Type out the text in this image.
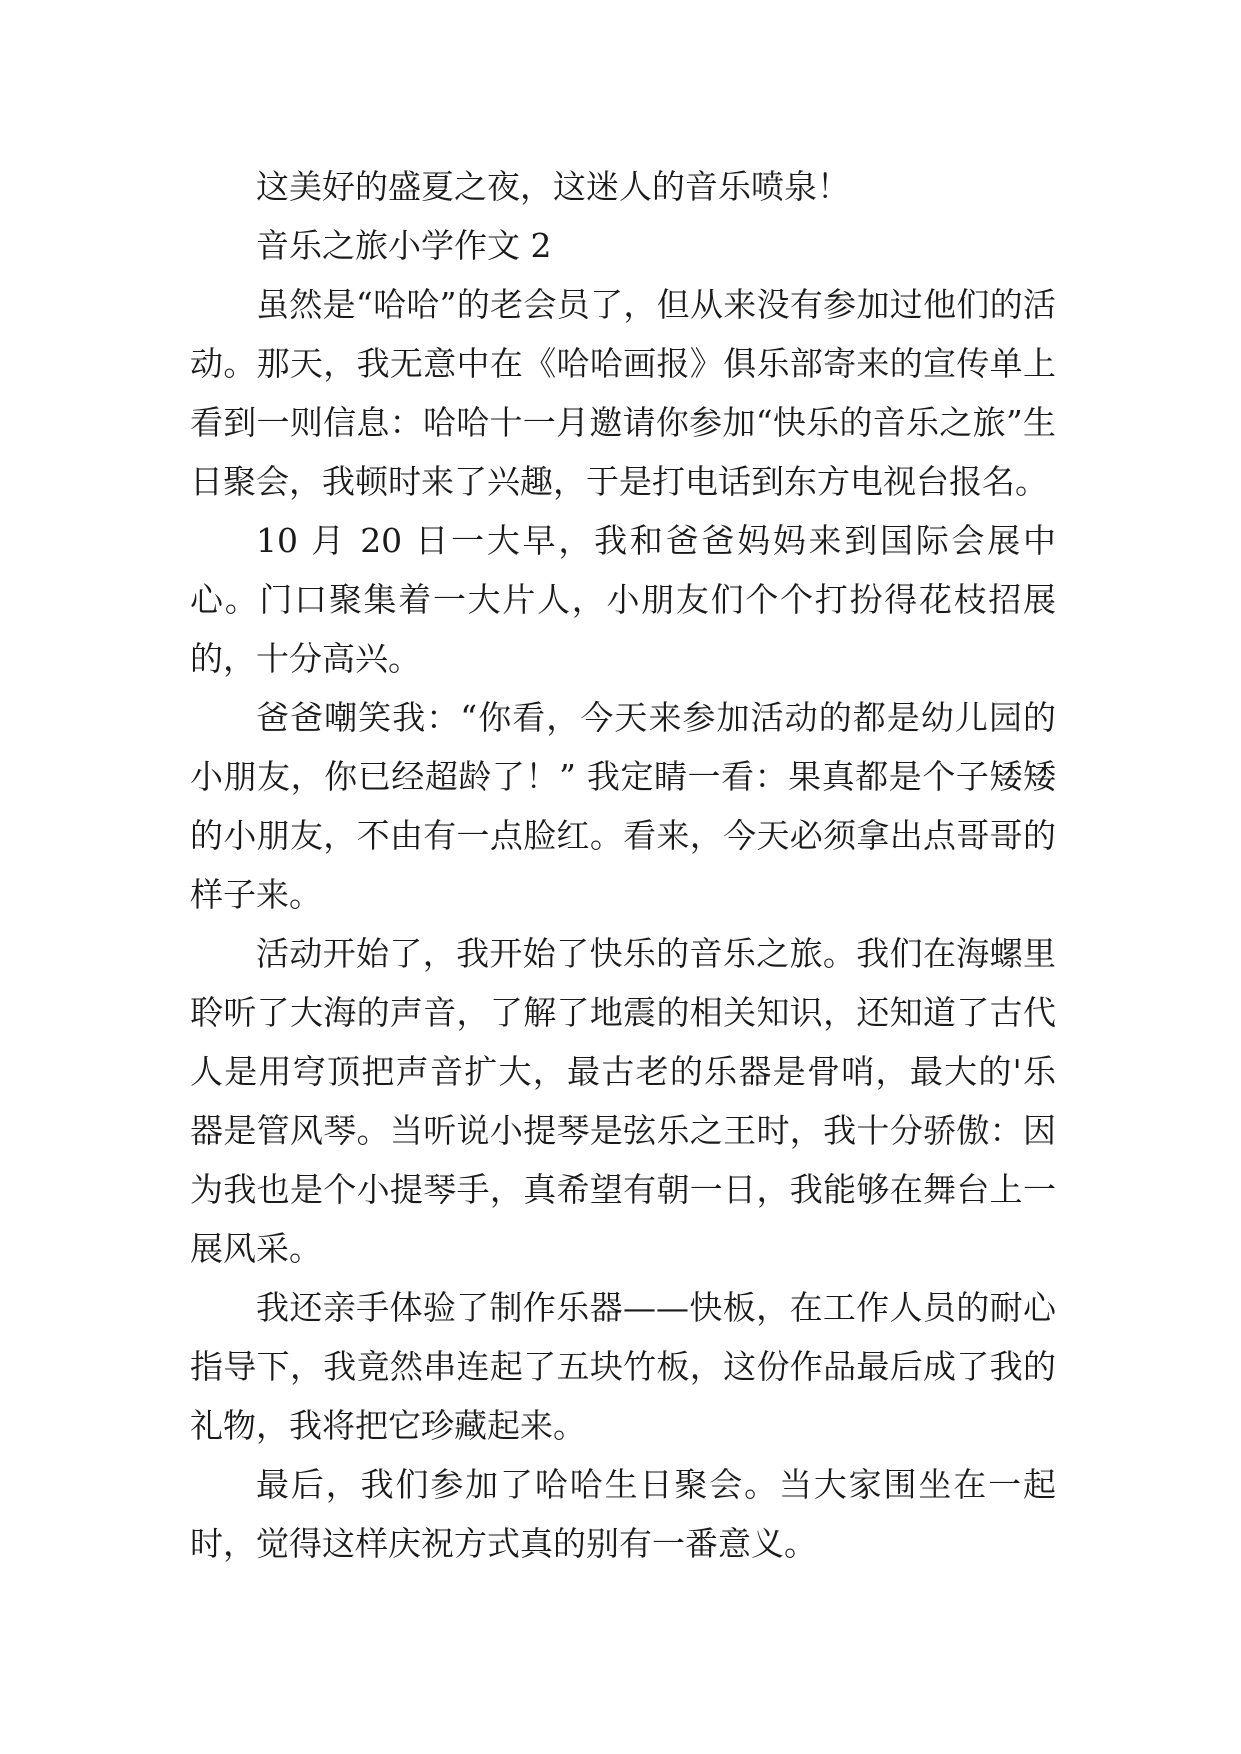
这美好的盛夏之夜，这迷人的音乐喷泉！

音乐之旅小学作文 2

虽然是“哈哈”的老会员了，但从来没有参加过他们的活动。那天，我无意中在《哈哈画报》俱乐部寄来的宣传单上看到一则信息：哈哈十一月邀请你参加“快乐的音乐之旅”生日聚会，我顿时来了兴趣，于是打电话到东方电视台报名。

10 月 20 日一大早，我和爸爸妈妈来到国际会展中心。门口聚集着一大片人，小朋友们个个打扮得花枝招展的，十分高兴。

爸爸嘲笑我：“你看，今天来参加活动的都是幼儿园的小朋友，你已经超龄了！” 我定睛一看：果真都是个子矮矮的小朋友，不由有一点脸红。看来，今天必须拿出点哥哥的样子来。

活动开始了，我开始了快乐的音乐之旅。我们在海螺里聆听了大海的声音，了解了地震的相关知识，还知道了古代人是用穹顶把声音扩大，最古老的乐器是骨哨，最大的'乐器是管风琴。当听说小提琴是弦乐之王时，我十分骄傲：因为我也是个小提琴手，真希望有朝一日，我能够在舞台上一展风采。

我还亲手体验了制作乐器——快板，在工作人员的耐心指导下，我竟然串连起了五块竹板，这份作品最后成了我的礼物，我将把它珍藏起来。

最后，我们参加了哈哈生日聚会。当大家围坐在一起时，觉得这样庆祝方式真的别有一番意义。
